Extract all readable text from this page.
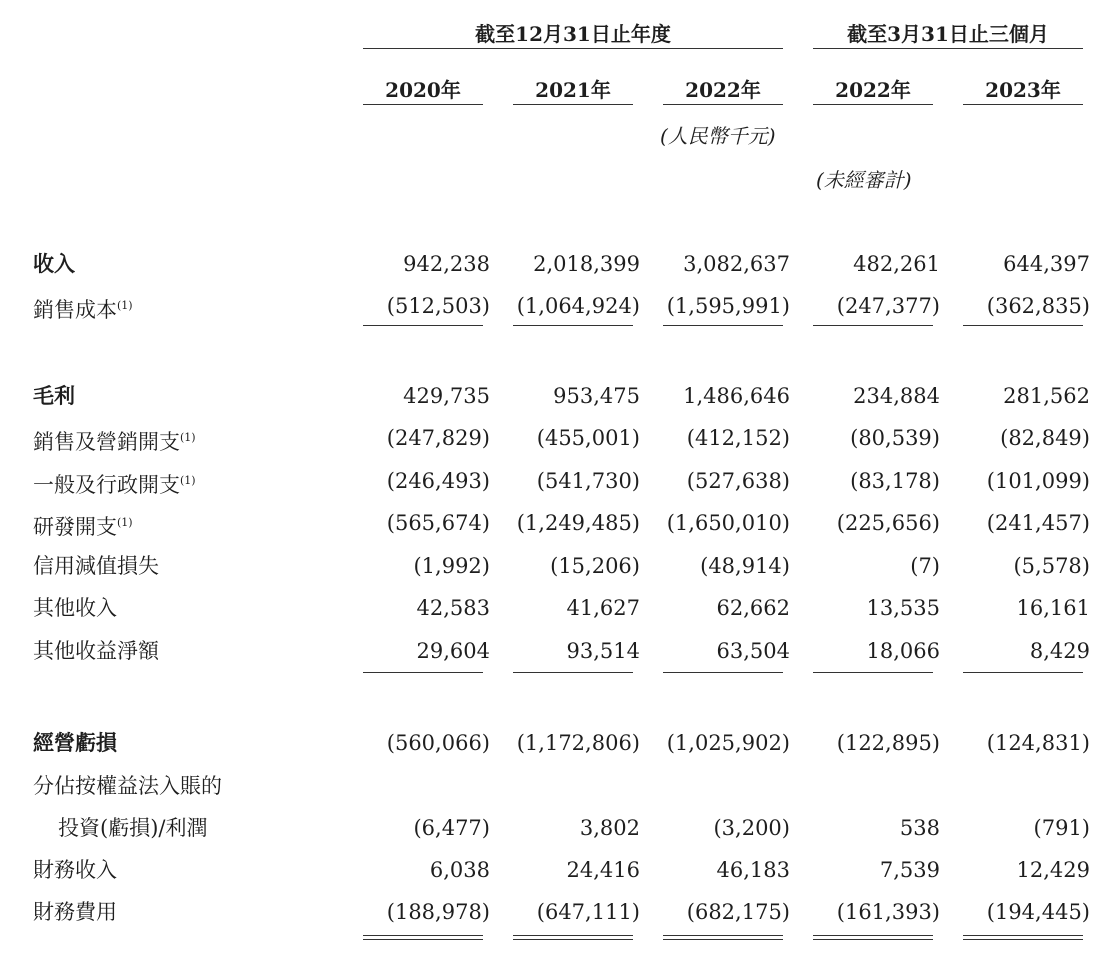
截至12月31日止年度	截至3月31日止三個月
2020年	2021年	2022年	2022年	2023年
(人民幣千元)
(未經審計)
收入	942,238	2,018,399	3,082,637	482,261	644,397
銷售成本$^{(1)}$	(512,503)	(1,064,924)	(1,595,991)	(247,377)	(362,835)
毛利	429,735	953,475	1,486,646	234,884	281,562
銷售及營銷開支$^{(1)}$	(247,829)	(455,001)	(412,152)	(80,539)	(82,849)
一般及行政開支$^{(1)}$	(246,493)	(541,730)	(527,638)	(83,178)	(101,099)
研發開支$^{(1)}$	(565,674)	(1,249,485)	(1,650,010)	(225,656)	(241,457)
信用減值損失	(1,992)	(15,206)	(48,914)	(7)	(5,578)
其他收入	42,583	41,627	62,662	13,535	16,161
其他收益淨額	29,604	93,514	63,504	18,066	8,429
經營虧損	(560,066)	(1,172,806)	(1,025,902)	(122,895)	(124,831)
分佔按權益法入賬的
投資(虧損)/利潤	(6,477)	3,802	(3,200)	538	(791)
財務收入	6,038	24,416	46,183	7,539	12,429
財務費用	(188,978)	(647,111)	(682,175)	(161,393)	(194,445)
